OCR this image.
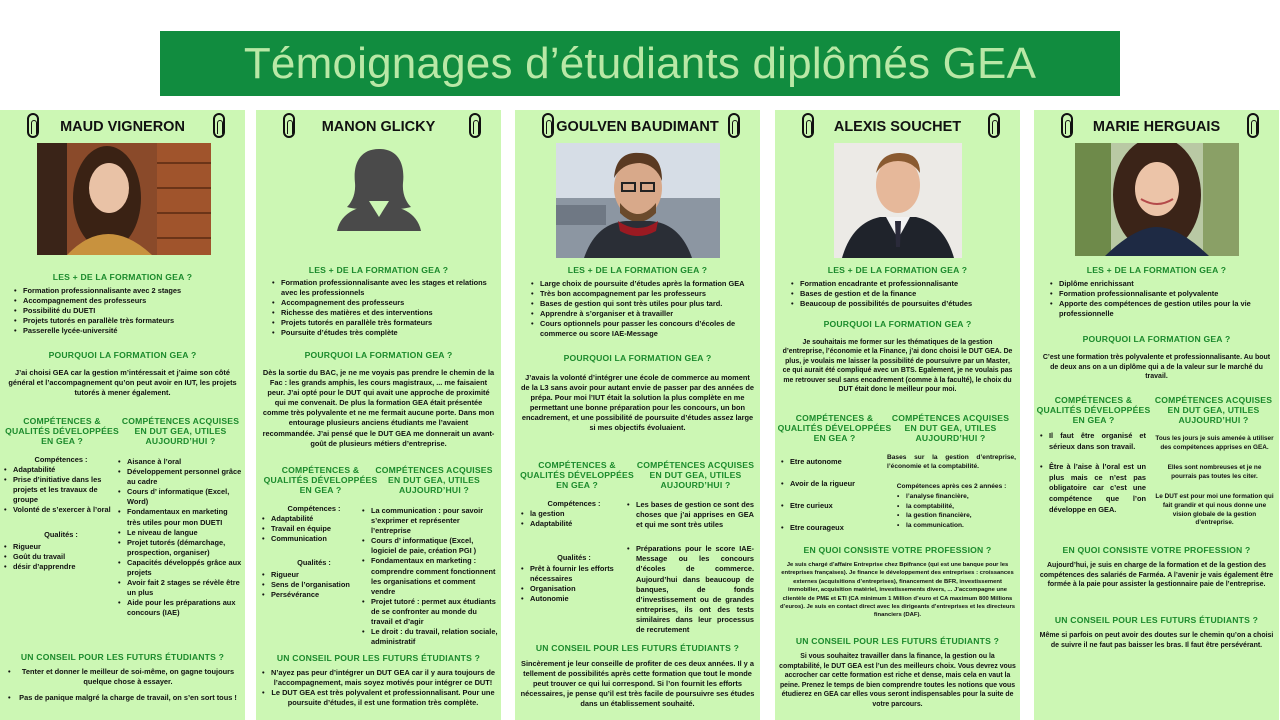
Témoignages d’étudiants diplômés GEA
MAUD VIGNERON
LES + DE LA FORMATION GEA ?
• Formation professionnalisante avec 2 stages
• Accompagnement des professeurs
• Possibilité du DUETI
• Projets tutorés en parallèle très formateurs
• Passerelle lycée-université
POURQUOI LA FORMATION GEA ?
J’ai choisi GEA car la gestion m’intéressait et j’aime son côté général et l’accompagnement qu’on peut avoir en IUT, les projets tutorés à mener également.
COMPÉTENCES & QUALITÉS DÉVELOPPÉES EN GEA ?
COMPÉTENCES ACQUISES EN DUT GEA, UTILES AUJOURD’HUI ?
Compétences :
• Adaptabilité
• Prise d’initiative dans les projets et les travaux de groupe
• Volonté de s’exercer à l’oral
Qualités :
• Rigueur
• Goût du travail
• désir d’apprendre
• Aisance à l’oral
• Développement personnel grâce au cadre
• Cours d’ informatique (Excel, Word)
• Fondamentaux en marketing très utiles pour mon DUETI
• Le niveau de langue
• Projet tutorés (démarchage, prospection, organiser)
• Capacités développés grâce aux projets
• Avoir fait 2 stages se révèle être un plus
• Aide pour les préparations aux concours (IAE)
UN CONSEIL POUR LES FUTURS ÉTUDIANTS ?
• Tenter et donner le meilleur de soi-même, on gagne toujours quelque chose à essayer.
• Pas de panique malgré la charge de travail, on s’en sort tous !
MANON GLICKY
LES + DE LA FORMATION GEA ?
• Formation professionnalisante avec les stages et relations avec les professionnels
• Accompagnement des professeurs
• Richesse des matières et des interventions
• Projets tutorés en parallèle très formateurs
• Poursuite d’études très complète
POURQUOI LA FORMATION GEA ?
Dès la sortie du BAC, je ne me voyais pas prendre le chemin de la Fac : les grands amphis, les cours magistraux, ... me faisaient peur. J’ai opté pour le DUT qui avait une approche de proximité qui me convenait. De plus la formation GEA était présentée comme très polyvalente et ne me fermait aucune porte. Dans mon entourage plusieurs anciens étudiants me l’avaient recommandée. J’ai pensé que le DUT GEA me donnerait un avant-goût de plusieurs métiers d’entreprise.
COMPÉTENCES & QUALITÉS DÉVELOPPÉES EN GEA ?
COMPÉTENCES ACQUISES EN DUT GEA, UTILES AUJOURD’HUI ?
Compétences :
• Adaptabilité
• Travail en équipe
• Communication
Qualités :
• Rigueur
• Sens de l’organisation
• Persévérance
• La communication : pour savoir s’exprimer et représenter l’entreprise
• Cours d’ informatique (Excel, logiciel de paie, création PGI )
• Fondamentaux en marketing : comprendre comment fonctionnent les organisations et comment vendre
• Projet tutoré : permet aux étudiants de se confronter au monde du travail et d’agir
• Le droit : du travail, relation sociale, administratif
UN CONSEIL POUR LES FUTURS ÉTUDIANTS ?
• N’ayez pas peur d’intégrer un DUT GEA car il y aura toujours de l’accompagnement, mais soyez motivés pour intégrer ce DUT!
• Le DUT GEA est très polyvalent et professionnalisant. Pour une poursuite d’études, il est une formation très complète.
GOULVEN BAUDIMANT
LES + DE LA FORMATION GEA ?
• Large choix de poursuite d’études après la formation GEA
• Très bon accompagnement par les professeurs
• Bases de gestion qui sont très utiles pour plus tard.
• Apprendre à s’organiser et à travailler
• Cours optionnels pour passer les concours d’écoles de commerce ou score IAE-Message
POURQUOI LA FORMATION GEA ?
J’avais la volonté d’intégrer une école de commerce au moment de la L3 sans avoir pour autant envie de passer par des années de prépa. Pour moi l’IUT était la solution la plus complète en me permettant une bonne préparation pour les concours, un bon encadrement, et une possibilité de poursuite d’études assez large si mes objectifs évoluaient.
COMPÉTENCES & QUALITÉS DÉVELOPPÉES EN GEA ?
COMPÉTENCES ACQUISES EN DUT GEA, UTILES AUJOURD’HUI ?
Compétences :
• la gestion
• Adaptabilité
Qualités :
• Prêt à fournir les efforts nécessaires
• Organisation
• Autonomie
• Les bases de gestion ce sont des choses que j’ai apprises en GEA et qui me sont très utiles
• Préparations pour le score IAE-Message ou les concours d’écoles de commerce. Aujourd’hui dans beaucoup de banques, de fonds d’investissement ou de grandes entreprises, ils ont des tests similaires dans leur processus de recrutement
UN CONSEIL POUR LES FUTURS ÉTUDIANTS ?
Sincèrement je leur conseille de profiter de ces deux années. Il y a tellement de possibilités après cette formation que tout le monde peut trouver ce qui lui correspond. Si l’on fournit les efforts nécessaires, je pense qu’il est très facile de poursuivre ses études dans un établissement souhaité.
ALEXIS SOUCHET
LES + DE LA FORMATION GEA ?
• Formation encadrante et professionnalisante
• Bases de gestion et de la finance
• Beaucoup de possibilités de poursuites d’études
POURQUOI LA FORMATION GEA ?
Je souhaitais me former sur les thématiques de la gestion d’entreprise, l’économie et la Finance, j’ai donc choisi le DUT GEA. De plus, je voulais me laisser la possibilité de poursuivre par un Master, ce qui aurait été compliqué avec un BTS. Egalement, je ne voulais pas me retrouver seul sans encadrement (comme à la faculté), le choix du DUT était donc le meilleur pour moi.
COMPÉTENCES & QUALITÉS DÉVELOPPÉES EN GEA ?
COMPÉTENCES ACQUISES EN DUT GEA, UTILES AUJOURD’HUI ?
• Etre autonome
• Avoir de la rigueur
• Etre curieux
• Etre courageux
Bases sur la gestion d’entreprise, l’économie et la comptabilité.
Compétences après ces 2 années :
• l’analyse financière,
• la comptabilité,
• la gestion financière,
• la communication.
EN QUOI CONSISTE VOTRE PROFESSION ?
Je suis chargé d’affaire Entreprise chez Bpifrance (qui est une banque pour les entreprises françaises). Je finance le développement des entreprises : croissances externes (acquisitions d’entreprises), financement de BFR, investissement immobilier, acquisition matériel, investissements divers, ... J’accompagne une clientèle de PME et ETI (CA minimum 1 Million d’euro et CA maximum 800 Millions d’euros). Je suis en contact direct avec les dirigeants d’entreprises et les directeurs financiers (DAF).
UN CONSEIL POUR LES FUTURS ÉTUDIANTS ?
Si vous souhaitez travailler dans la finance, la gestion ou la comptabilité, le DUT GEA est l’un des meilleurs choix. Vous devrez vous accrocher car cette formation est riche et dense, mais cela en vaut la peine. Prenez le temps de bien comprendre toutes les notions que vous étudierez en GEA car elles vous seront indispensables pour la suite de votre parcours.
MARIE HERGUAIS
LES + DE LA FORMATION GEA ?
• Diplôme enrichissant
• Formation professionnalisante et polyvalente
• Apporte des compétences de gestion utiles pour la vie professionnelle
POURQUOI LA FORMATION GEA ?
C’est une formation très polyvalente et professionnalisante. Au bout de deux ans on a un diplôme qui a de la valeur sur le marché du travail.
COMPÉTENCES & QUALITÉS DÉVELOPPÉES EN GEA ?
COMPÉTENCES ACQUISES EN DUT GEA, UTILES AUJOURD’HUI ?
• Il faut être organisé et sérieux dans son travail.
• Être à l’aise à l’oral est un plus mais ce n’est pas obligatoire car c’est une compétence que l’on développe en GEA.
Tous les jours je suis amenée à utiliser des compétences apprises en GEA.
Elles sont nombreuses et je ne pourrais pas toutes les citer.
Le DUT est pour moi une formation qui fait grandir et qui nous donne une vision globale de la gestion d’entreprise.
EN QUOI CONSISTE VOTRE PROFESSION ?
Aujourd’hui, je suis en charge de la formation et de la gestion des compétences des salariés de Farméa. A l’avenir je vais également être formée à la paie pour assister la gestionnaire paie de l’entreprise.
UN CONSEIL POUR LES FUTURS ÉTUDIANTS ?
Même si parfois on peut avoir des doutes sur le chemin qu’on a choisi de suivre il ne faut pas baisser les bras. Il faut être persévérant.
